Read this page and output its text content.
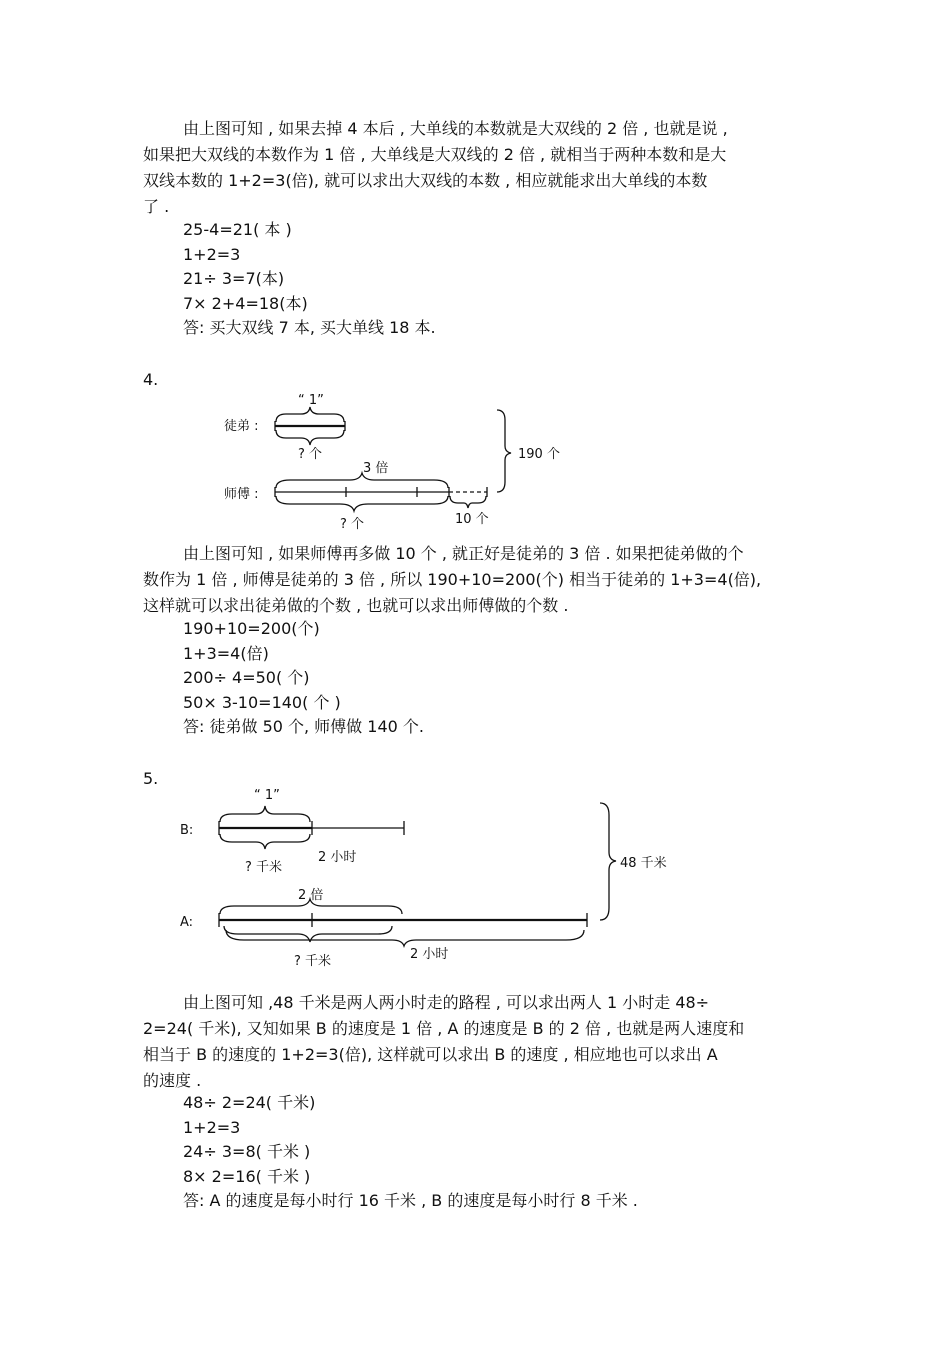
由上图可知 , 如果去掉 4 本后 , 大单线的本数就是大双线的 2 倍 , 也就是说 ,
如果把大双线的本数作为 1 倍 , 大单线是大双线的 2 倍 , 就相当于两种本数和是大
双线本数的 1+2=3(倍), 就可以求出大双线的本数 , 相应就能求出大单线的本数
了 .
25-4=21( 本 )
1+2=3
21÷ 3=7(本)
7× 2+4=18(本)
答: 买大双线 7 本, 买大单线 18 本.
4.
徒弟 :
“ 1”
? 个
师傅 :
3 倍
? 个	10 个
190 个
由上图可知 , 如果师傅再多做 10 个 , 就正好是徒弟的 3 倍 . 如果把徒弟做的个
数作为 1 倍 , 师傅是徒弟的 3 倍 , 所以 190+10=200(个) 相当于徒弟的 1+3=4(倍),
这样就可以求出徒弟做的个数 , 也就可以求出师傅做的个数 .
190+10=200(个)
1+3=4(倍)
200÷ 4=50( 个)
50× 3-10=140( 个 )
答: 徒弟做 50 个, 师傅做 140 个.
5.
B:
“ 1”
? 千米
2 小时
A:
2 倍
? 千米	2 小时
48 千米
由上图可知 ,48 千米是两人两小时走的路程 , 可以求出两人 1 小时走 48÷
2=24( 千米), 又知如果 B 的速度是 1 倍 , A 的速度是 B 的 2 倍 , 也就是两人速度和
相当于 B 的速度的 1+2=3(倍), 这样就可以求出 B 的速度 , 相应地也可以求出 A
的速度 .
48÷ 2=24( 千米)
1+2=3
24÷ 3=8( 千米 )
8× 2=16( 千米 )
答: A 的速度是每小时行 16 千米 , B 的速度是每小时行 8 千米 .
